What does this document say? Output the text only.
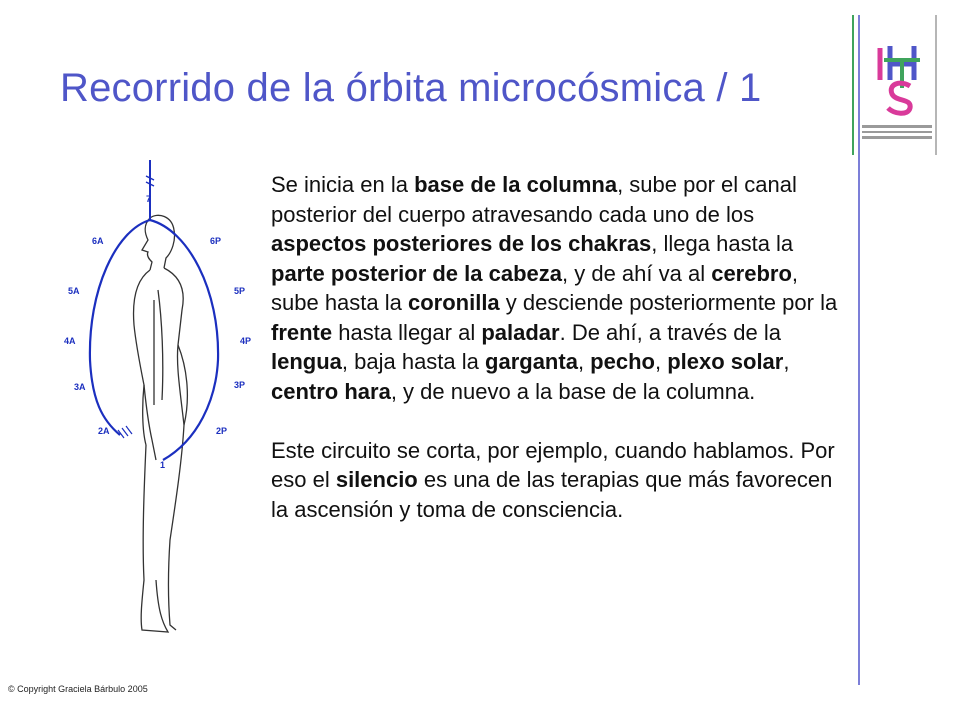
Recorrido de la órbita microcósmica / 1
7
6A
5A
4A
3A
2A
6P
5P
4P
3P
2P
1

Se inicia en la base de la columna, sube por el canal posterior del cuerpo atravesando cada uno de los aspectos posteriores de los chakras, llega hasta la parte posterior de la cabeza, y de ahí va al cerebro, sube hasta la coronilla y desciende posteriormente por la frente hasta llegar al paladar. De ahí, a través de la lengua, baja hasta la garganta, pecho, plexo solar, centro hara, y de nuevo a la base de la columna.

Este circuito se corta, por ejemplo, cuando hablamos. Por eso el silencio es una de las terapias que más favorecen la ascensión y toma de consciencia.

© Copyright Graciela Bárbulo 2005
